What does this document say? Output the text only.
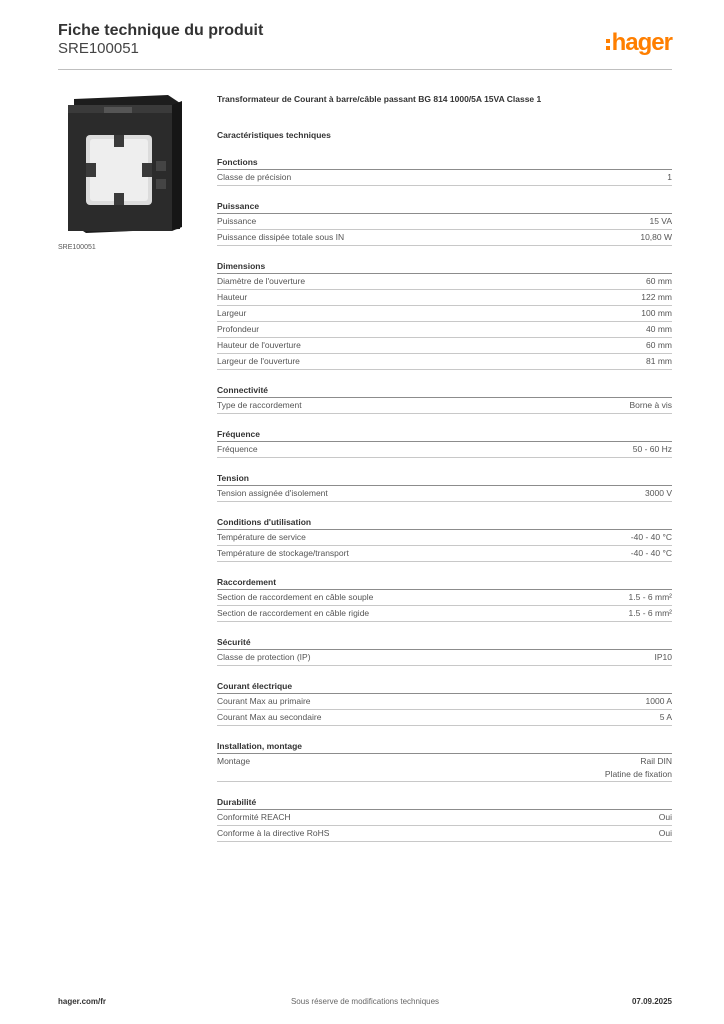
Fiche technique du produit
SRE100051	hager
SRE100051
Transformateur de Courant à barre/câble passant BG 814 1000/5A 15VA Classe 1
Caractéristiques techniques
Fonctions
Classe de précision	1
Puissance
Puissance	15 VA
Puissance dissipée totale sous IN	10,80 W
Dimensions
Diamètre de l'ouverture	60 mm
Hauteur	122 mm
Largeur	100 mm
Profondeur	40 mm
Hauteur de l'ouverture	60 mm
Largeur de l'ouverture	81 mm
Connectivité
Type de raccordement	Borne à vis
Fréquence
Fréquence	50 - 60 Hz
Tension
Tension assignée d'isolement	3000 V
Conditions d'utilisation
Température de service	-40 - 40 °C
Température de stockage/transport	-40 - 40 °C
Raccordement
Section de raccordement en câble souple	1.5 - 6 mm²
Section de raccordement en câble rigide	1.5 - 6 mm²
Sécurité
Classe de protection (IP)	IP10
Courant électrique
Courant Max au primaire	1000 A
Courant Max au secondaire	5 A
Installation, montage
Montage	Rail DIN
Platine de fixation
Durabilité
Conformité REACH	Oui
Conforme à la directive RoHS	Oui
Sous réserve de modifications techniques
hager.com/fr	07.09.2025
